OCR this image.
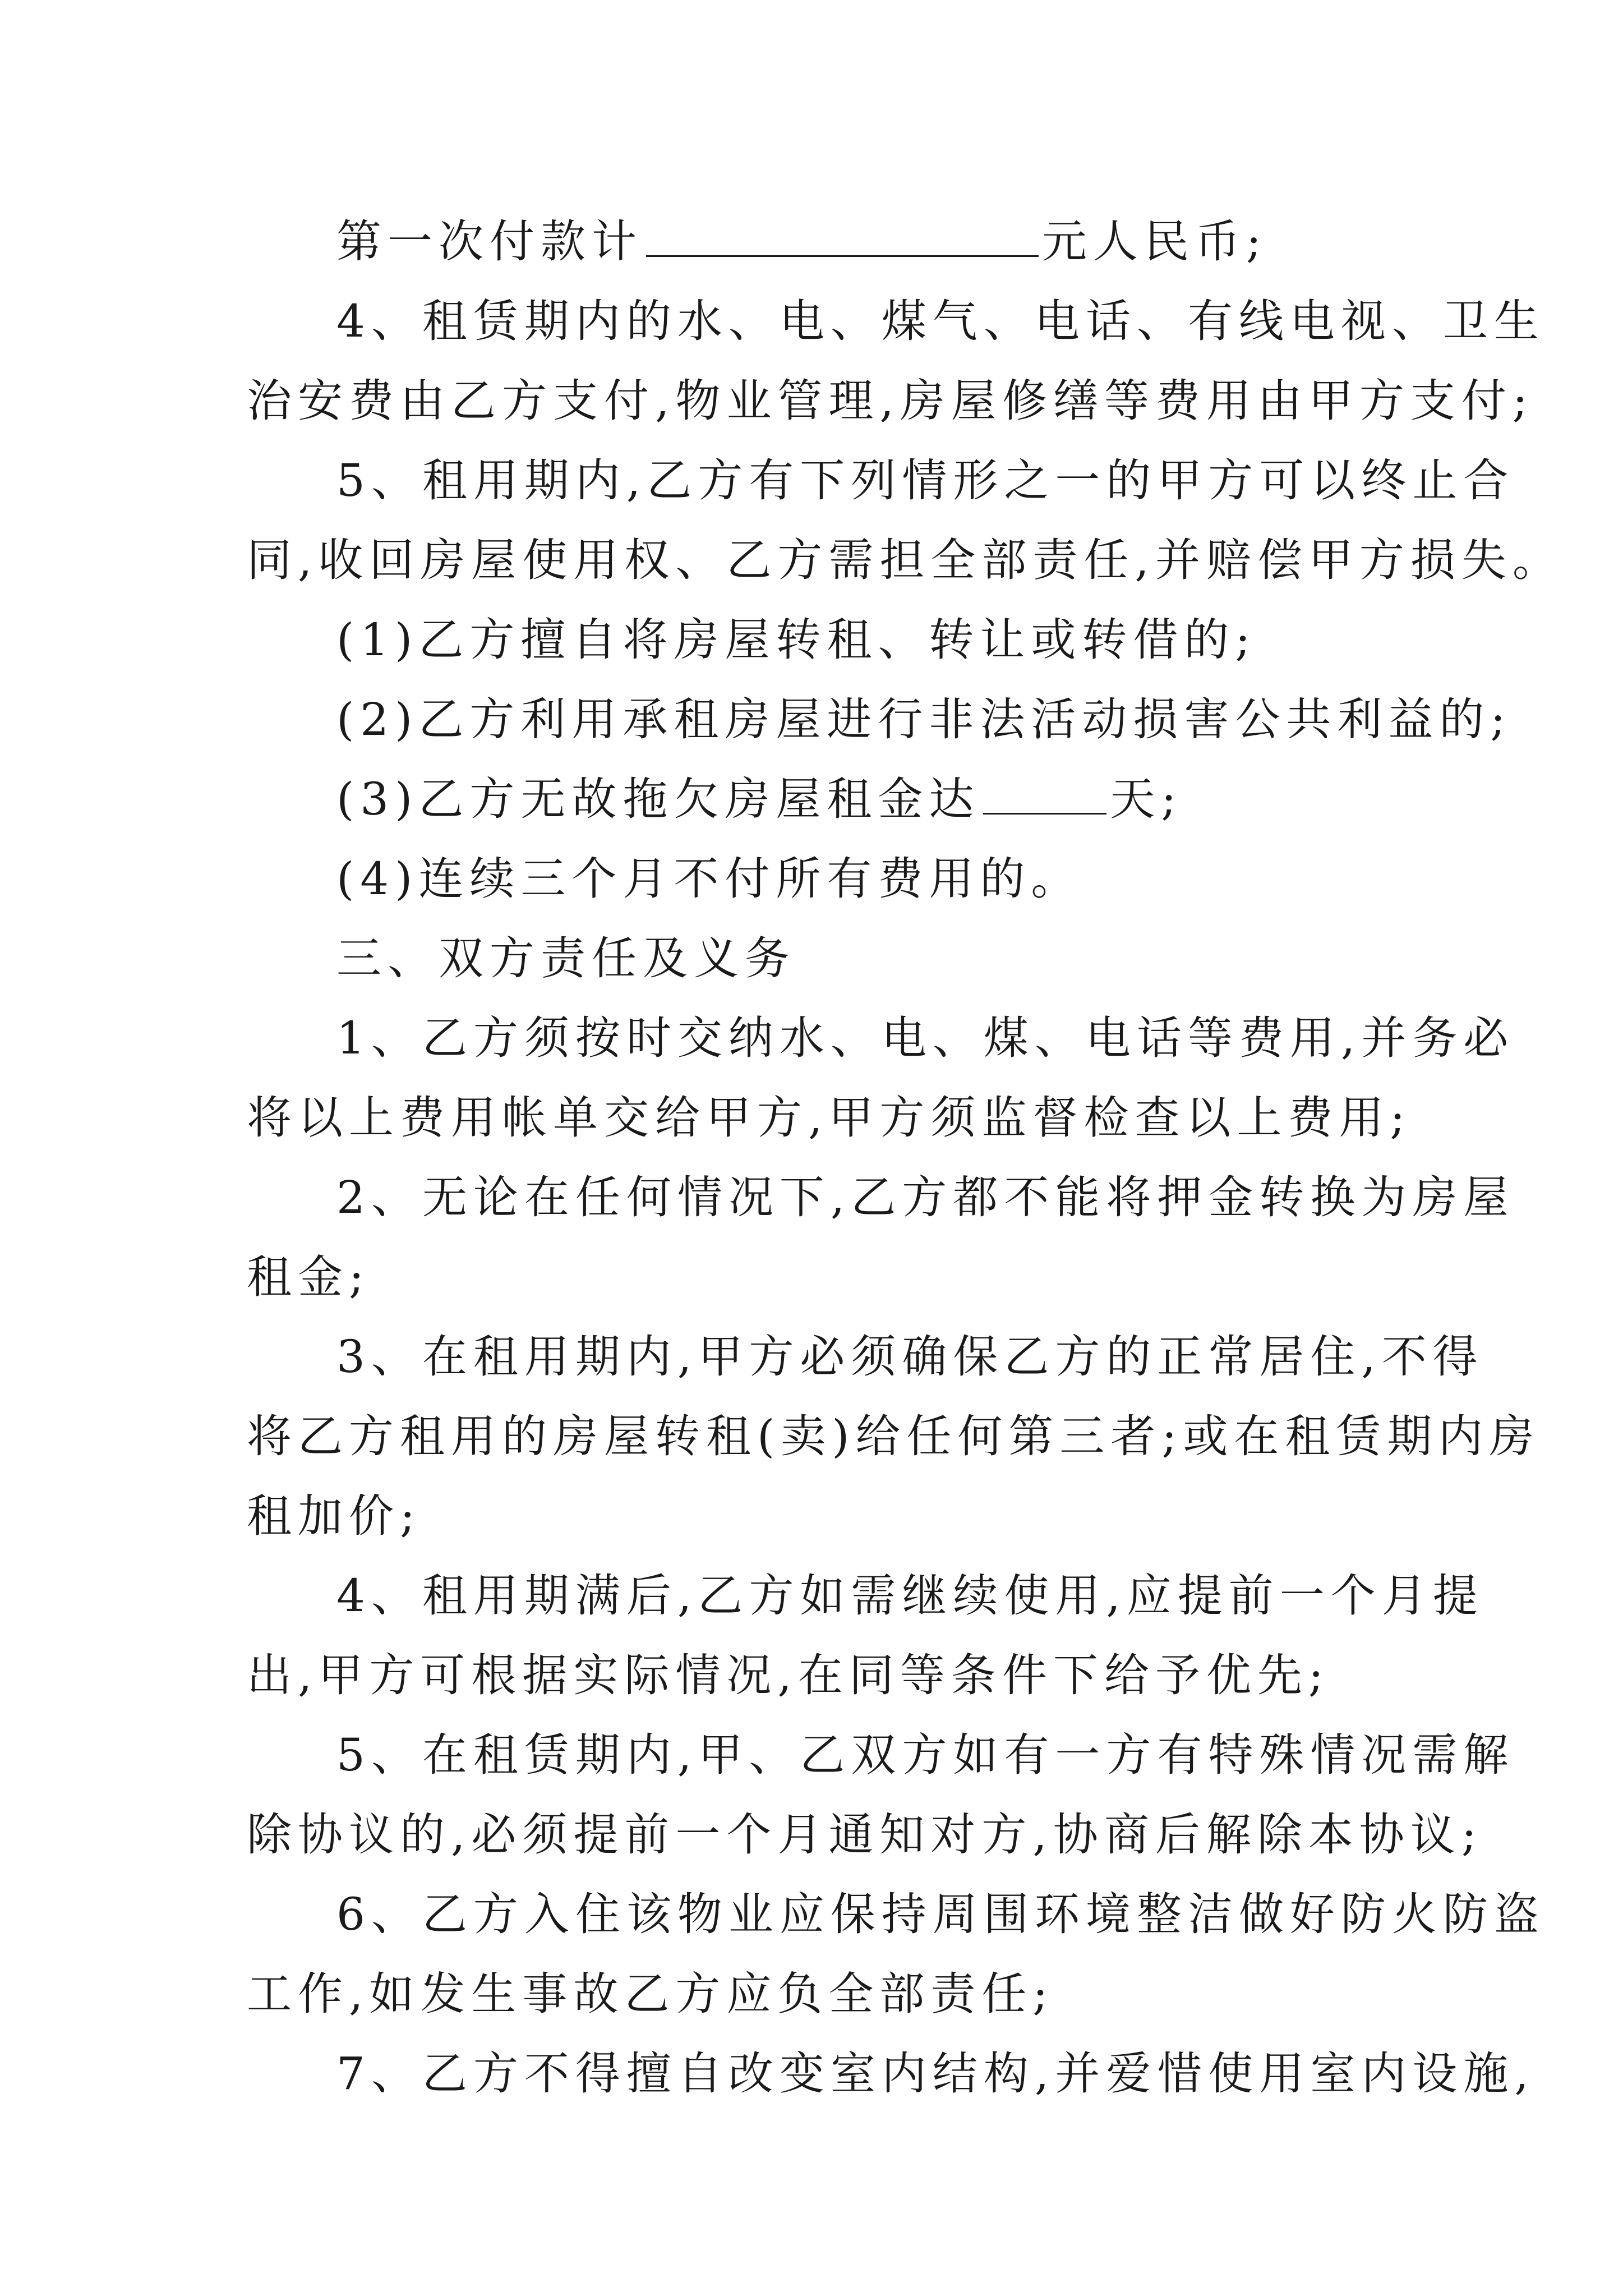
第一次付款计	元人民币;
4、租赁期内的水、电、煤气、电话、有线电视、卫生
治安费由乙方支付,物业管理,房屋修缮等费用由甲方支付;
5、租用期内,乙方有下列情形之一的甲方可以终止合
同,收回房屋使用权、乙方需担全部责任,并赔偿甲方损失。
(1)乙方擅自将房屋转租、转让或转借的;
(2)乙方利用承租房屋进行非法活动损害公共利益的;
(3)乙方无故拖欠房屋租金达	天;
(4)连续三个月不付所有费用的。
三、双方责任及义务
1、乙方须按时交纳水、电、煤、电话等费用,并务必
将以上费用帐单交给甲方,甲方须监督检查以上费用;
2、无论在任何情况下,乙方都不能将押金转换为房屋
租金;
3、在租用期内,甲方必须确保乙方的正常居住,不得
将乙方租用的房屋转租(卖)给任何第三者;或在租赁期内房
租加价;
4、租用期满后,乙方如需继续使用,应提前一个月提
出,甲方可根据实际情况,在同等条件下给予优先;
5、在租赁期内,甲、乙双方如有一方有特殊情况需解
除协议的,必须提前一个月通知对方,协商后解除本协议;
6、乙方入住该物业应保持周围环境整洁做好防火防盗
工作,如发生事故乙方应负全部责任;
7、乙方不得擅自改变室内结构,并爱惜使用室内设施,
